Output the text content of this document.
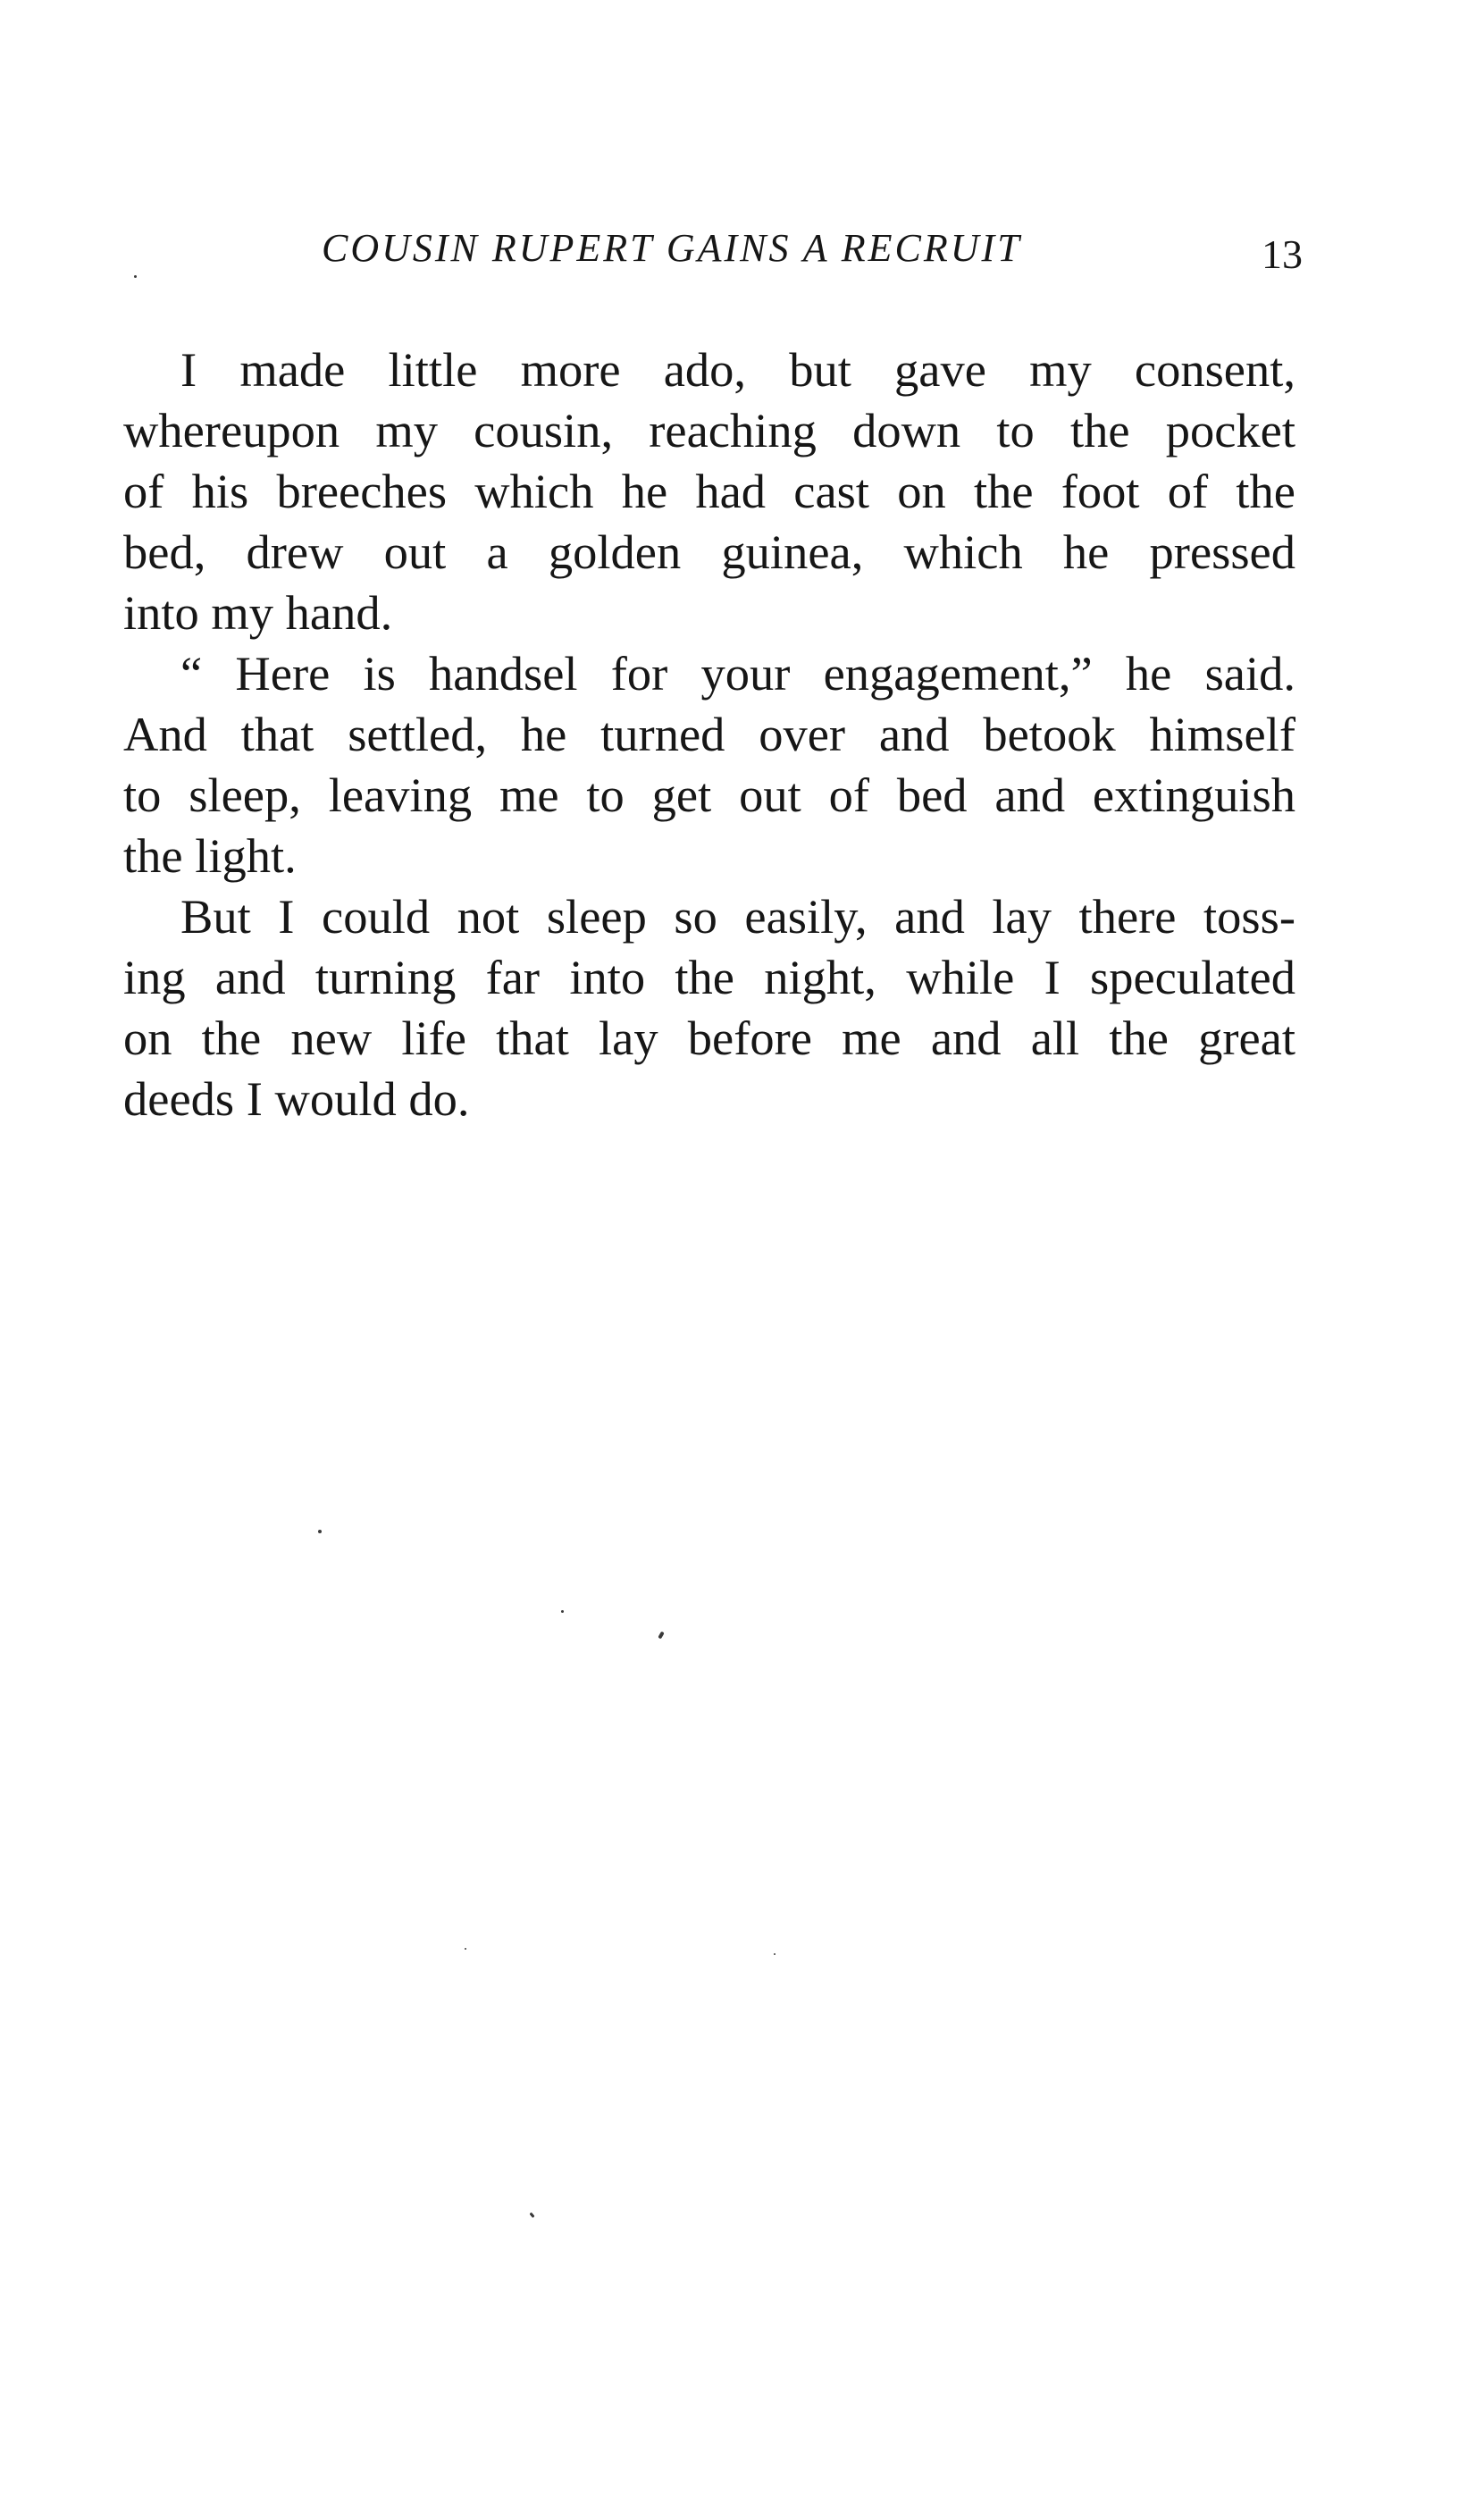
COUSIN RUPERT GAINS A RECRUIT	13
I made little more ado, but gave my consent,
whereupon my cousin, reaching down to the pocket
of his breeches which he had cast on the foot of the
bed, drew out a golden guinea, which he pressed
into my hand.
“ Here is handsel for your engagement,” he said.
And that settled, he turned over and betook himself
to sleep, leaving me to get out of bed and extinguish
the light.
But I could not sleep so easily, and lay there toss-
ing and turning far into the night, while I speculated
on the new life that lay before me and all the great
deeds I would do.
